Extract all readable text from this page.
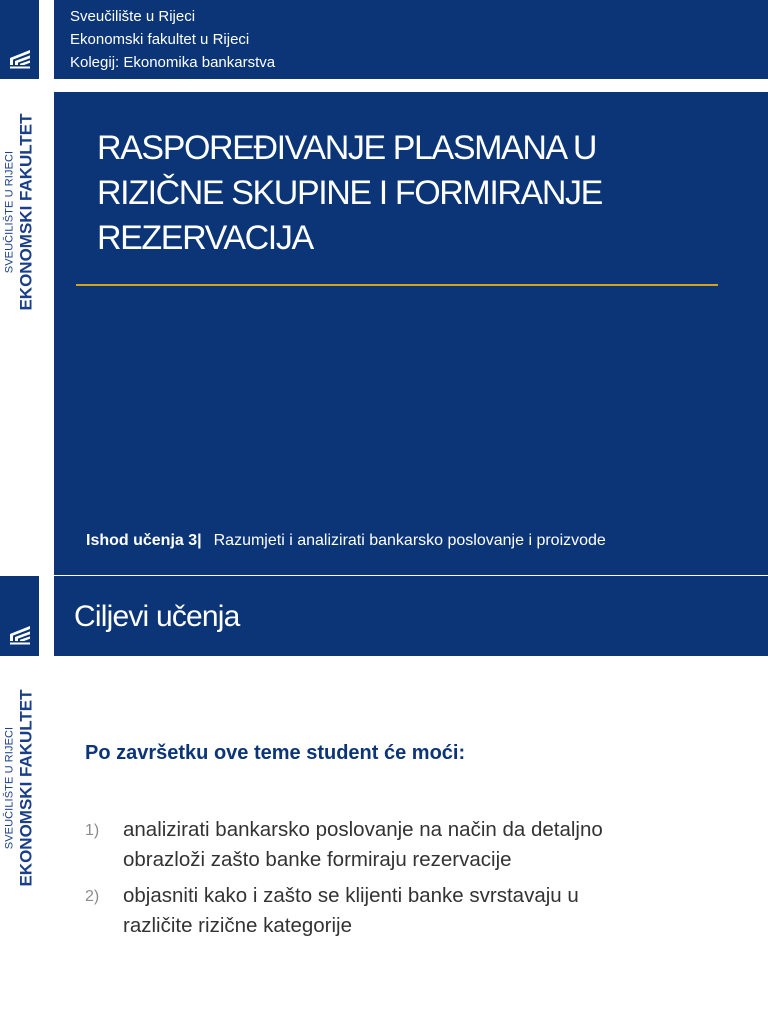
SVEUČILIŠTE U RIJECI EKONOMSKI FAKULTET
Sveučilište u Rijeci
Ekonomski fakultet u Rijeci
Kolegij: Ekonomika bankarstva
RASPOREĐIVANJE PLASMANA U
RIZIČNE SKUPINE I FORMIRANJE
REZERVACIJA
Ishod učenja 3| Razumjeti i analizirati bankarsko poslovanje i proizvode
SVEUČILIŠTE U RIJECI EKONOMSKI FAKULTET
Ciljevi učenja
Po završetku ove teme student će moći:
1) analizirati bankarsko poslovanje na način da detaljno
obrazloži zašto banke formiraju rezervacije
2) objasniti kako i zašto se klijenti banke svrstavaju u
različite rizične kategorije
